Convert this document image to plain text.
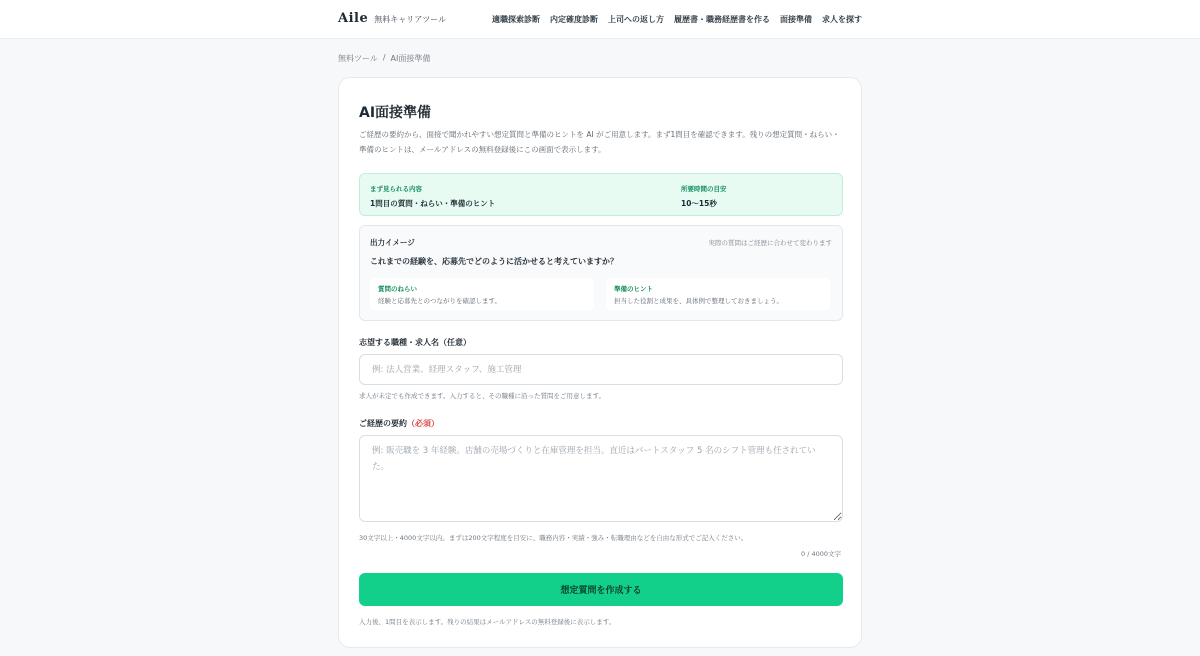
Aile 無料キャリアツール	適職探索診断 内定確度診断 上司への返し方 履歴書・職務経歴書を作る 面接準備 求人を探す
無料ツール / AI面接準備
AI面接準備

ご経歴の要約から、面接で聞かれやすい想定質問と準備のヒントを AI がご用意します。まず1問目を確認できます。残りの想定質問・ねらい・準備のヒントは、メールアドレスの無料登録後にこの画面で表示します。

まず見られる内容
1問目の質問・ねらい・準備のヒント
所要時間の目安
10〜15秒
出力イメージ	実際の質問はご経歴に合わせて変わります
これまでの経験を、応募先でどのように活かせると考えていますか？
質問のねらい
経験と応募先とのつながりを確認します。
準備のヒント
担当した役割と成果を、具体例で整理しておきましょう。
志望する職種・求人名（任意）
例: 法人営業、経理スタッフ、施工管理
求人が未定でも作成できます。入力すると、その職種に沿った質問をご用意します。
ご経歴の要約（必須）
例: 販売職を 3 年経験。店舗の売場づくりと在庫管理を担当。直近はパートスタッフ 5 名のシフト管理も任されていた。
30文字以上・4000文字以内。まずは200文字程度を目安に、職務内容・実績・強み・転職理由などを自由な形式でご記入ください。
0 / 4000文字
想定質問を作成する
入力後、1問目を表示します。残りの結果はメールアドレスの無料登録後に表示します。
